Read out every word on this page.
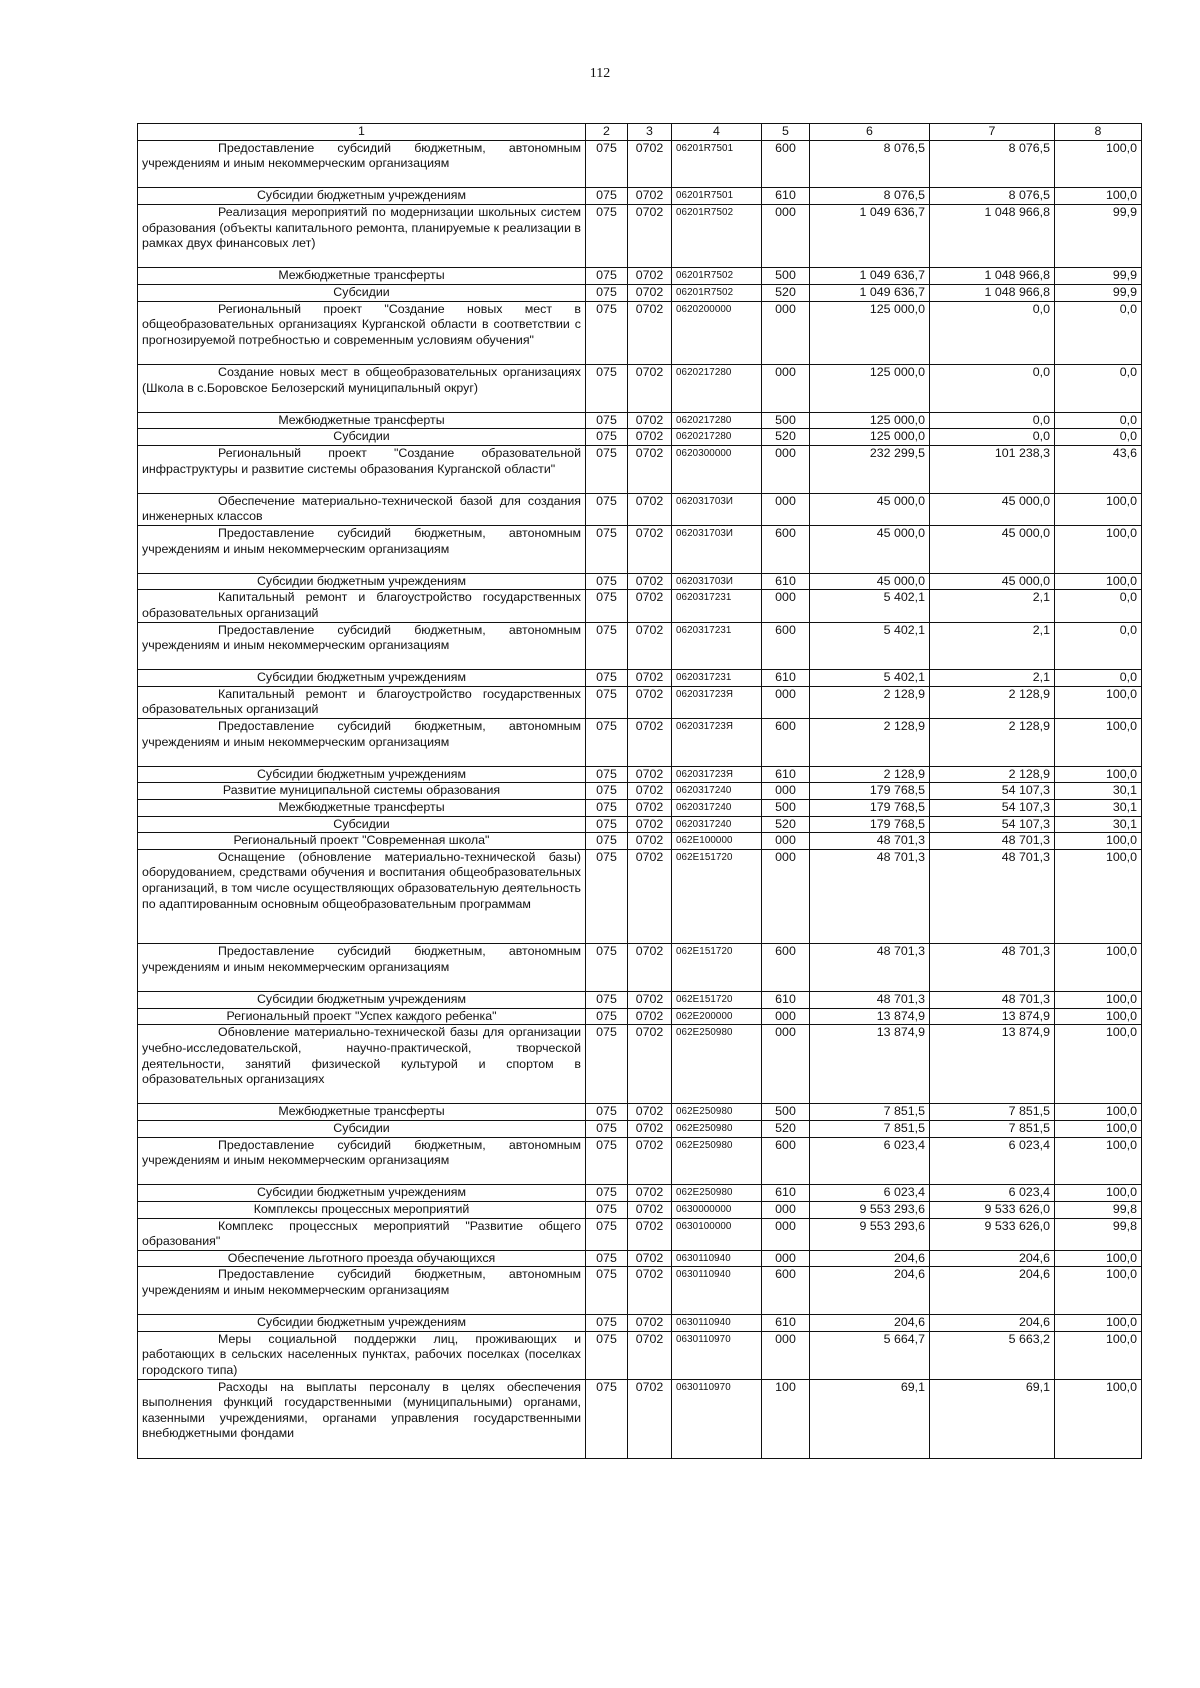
112
1	2	3	4	5	6	7	8
Предоставление субсидий бюджетным, автономным учреждениям и иным некоммерческим организациям	075	0702	06201R7501	600	8 076,5	8 076,5	100,0
Субсидии бюджетным учреждениям	075	0702	06201R7501	610	8 076,5	8 076,5	100,0
Реализация мероприятий по модернизации школьных систем образования (объекты капитального ремонта, планируемые к реализации в рамках двух финансовых лет)	075	0702	06201R7502	000	1 049 636,7	1 048 966,8	99,9
Межбюджетные трансферты	075	0702	06201R7502	500	1 049 636,7	1 048 966,8	99,9
Субсидии	075	0702	06201R7502	520	1 049 636,7	1 048 966,8	99,9
Региональный проект "Создание новых мест в общеобразовательных организациях Курганской области в соответствии с прогнозируемой потребностью и современным условиям обучения"	075	0702	0620200000	000	125 000,0	0,0	0,0
Создание новых мест в общеобразовательных организациях (Школа в с.Боровское Белозерский муниципальный округ)	075	0702	0620217280	000	125 000,0	0,0	0,0
Межбюджетные трансферты	075	0702	0620217280	500	125 000,0	0,0	0,0
Субсидии	075	0702	0620217280	520	125 000,0	0,0	0,0
Региональный проект "Создание образовательной инфраструктуры и развитие системы образования Курганской области"	075	0702	0620300000	000	232 299,5	101 238,3	43,6
Обеспечение материально-технической базой для создания инженерных классов	075	0702	062031703И	000	45 000,0	45 000,0	100,0
Предоставление субсидий бюджетным, автономным учреждениям и иным некоммерческим организациям	075	0702	062031703И	600	45 000,0	45 000,0	100,0
Субсидии бюджетным учреждениям	075	0702	062031703И	610	45 000,0	45 000,0	100,0
Капитальный ремонт и благоустройство государственных образовательных организаций	075	0702	0620317231	000	5 402,1	2,1	0,0
Предоставление субсидий бюджетным, автономным учреждениям и иным некоммерческим организациям	075	0702	0620317231	600	5 402,1	2,1	0,0
Субсидии бюджетным учреждениям	075	0702	0620317231	610	5 402,1	2,1	0,0
Капитальный ремонт и благоустройство государственных образовательных организаций	075	0702	062031723Я	000	2 128,9	2 128,9	100,0
Предоставление субсидий бюджетным, автономным учреждениям и иным некоммерческим организациям	075	0702	062031723Я	600	2 128,9	2 128,9	100,0
Субсидии бюджетным учреждениям	075	0702	062031723Я	610	2 128,9	2 128,9	100,0
Развитие муниципальной системы образования	075	0702	0620317240	000	179 768,5	54 107,3	30,1
Межбюджетные трансферты	075	0702	0620317240	500	179 768,5	54 107,3	30,1
Субсидии	075	0702	0620317240	520	179 768,5	54 107,3	30,1
Региональный проект "Современная школа"	075	0702	062E100000	000	48 701,3	48 701,3	100,0
Оснащение (обновление материально-технической базы) оборудованием, средствами обучения и воспитания общеобразовательных организаций, в том числе осуществляющих образовательную деятельность по адаптированным основным общеобразовательным программам	075	0702	062E151720	000	48 701,3	48 701,3	100,0
Предоставление субсидий бюджетным, автономным учреждениям и иным некоммерческим организациям	075	0702	062E151720	600	48 701,3	48 701,3	100,0
Субсидии бюджетным учреждениям	075	0702	062E151720	610	48 701,3	48 701,3	100,0
Региональный проект "Успех каждого ребенка"	075	0702	062E200000	000	13 874,9	13 874,9	100,0
Обновление материально-технической базы для организации учебно-исследовательской, научно-практической, творческой деятельности, занятий физической культурой и спортом в образовательных организациях	075	0702	062E250980	000	13 874,9	13 874,9	100,0
Межбюджетные трансферты	075	0702	062E250980	500	7 851,5	7 851,5	100,0
Субсидии	075	0702	062E250980	520	7 851,5	7 851,5	100,0
Предоставление субсидий бюджетным, автономным учреждениям и иным некоммерческим организациям	075	0702	062E250980	600	6 023,4	6 023,4	100,0
Субсидии бюджетным учреждениям	075	0702	062E250980	610	6 023,4	6 023,4	100,0
Комплексы процессных мероприятий	075	0702	0630000000	000	9 553 293,6	9 533 626,0	99,8
Комплекс процессных мероприятий "Развитие общего образования"	075	0702	0630100000	000	9 553 293,6	9 533 626,0	99,8
Обеспечение льготного проезда обучающихся	075	0702	0630110940	000	204,6	204,6	100,0
Предоставление субсидий бюджетным, автономным учреждениям и иным некоммерческим организациям	075	0702	0630110940	600	204,6	204,6	100,0
Субсидии бюджетным учреждениям	075	0702	0630110940	610	204,6	204,6	100,0
Меры социальной поддержки лиц, проживающих и работающих в сельских населенных пунктах, рабочих поселках (поселках городского типа)	075	0702	0630110970	000	5 664,7	5 663,2	100,0
Расходы на выплаты персоналу в целях обеспечения выполнения функций государственными (муниципальными) органами, казенными учреждениями, органами управления государственными внебюджетными фондами	075	0702	0630110970	100	69,1	69,1	100,0
